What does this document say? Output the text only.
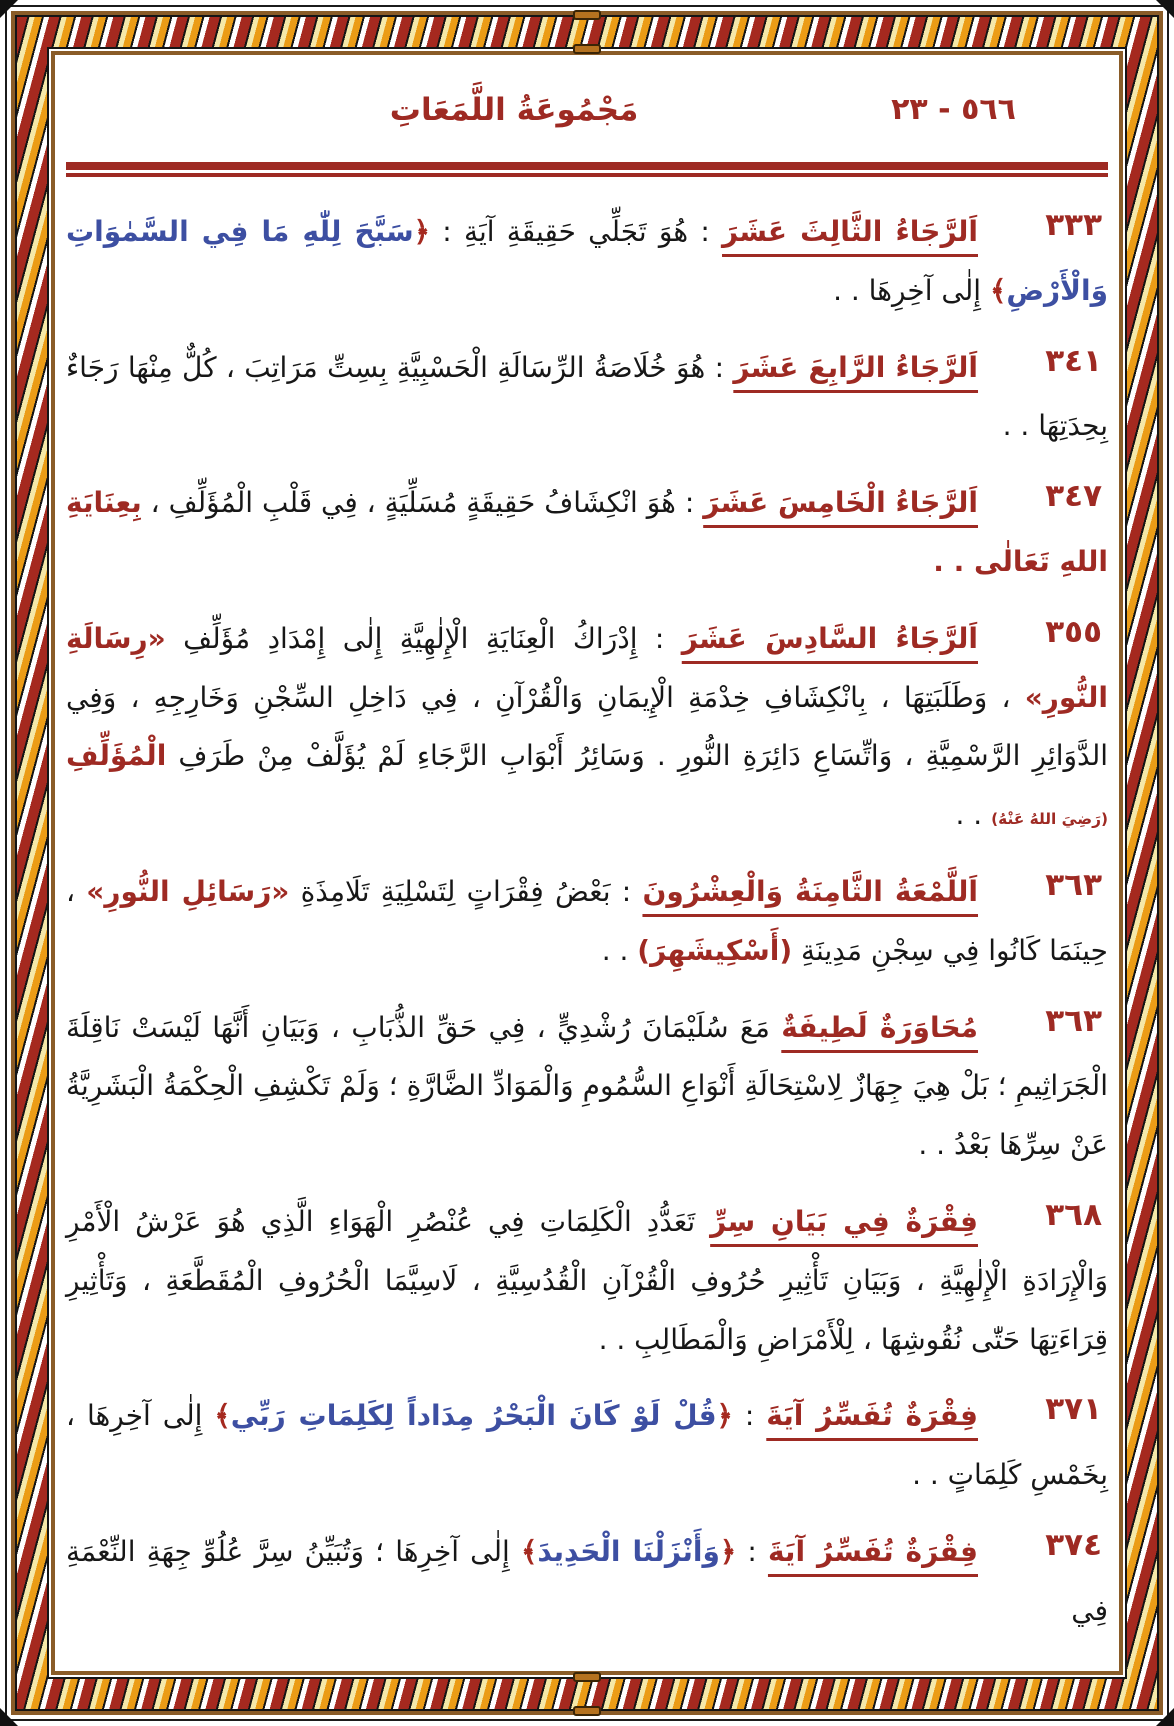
٥٦٦ - ٢٣
مَجْمُوعَةُ اللَّمَعَاتِ
٣٣٣

اَلرَّجَاءُ الثَّالِثَ عَشَرَ : هُوَ تَجَلِّي حَقِيقَةِ آيَةِ : ﴿سَبَّحَ لِلّٰهِ مَا فِي السَّمٰوَاتِ وَالْأَرْضِ﴾ إِلٰى آخِرِهَا . .

٣٤١

اَلرَّجَاءُ الرَّابِعَ عَشَرَ : هُوَ خُلَاصَةُ الرِّسَالَةِ الْحَسْبِيَّةِ بِسِتِّ مَرَاتِبَ ، كُلٌّ مِنْهَا رَجَاءٌ بِحِدَتِهَا . .

٣٤٧

اَلرَّجَاءُ الْخَامِسَ عَشَرَ : هُوَ انْكِشَافُ حَقِيقَةٍ مُسَلِّيَةٍ ، فِي قَلْبِ الْمُؤَلِّفِ ، بِعِنَايَةِ اللهِ تَعَالٰى . .

٣٥٥

اَلرَّجَاءُ السَّادِسَ عَشَرَ : إِدْرَاكُ الْعِنَايَةِ الْإِلٰهِيَّةِ إِلٰى إِمْدَادِ مُؤَلِّفِ «رِسَالَةِ النُّورِ» ، وَطَلَبَتِهَا ، بِانْكِشَافِ خِدْمَةِ الْإِيمَانِ وَالْقُرْآنِ ، فِي دَاخِلِ السِّجْنِ وَخَارِجِهِ ، وَفِي الدَّوَائِرِ الرَّسْمِيَّةِ ، وَاتِّسَاعِ دَائِرَةِ النُّورِ . وَسَائِرُ أَبْوَابِ الرَّجَاءِ لَمْ يُؤَلَّفْ مِنْ طَرَفِ الْمُؤَلِّفِ (رَضِيَ اللهُ عَنْهُ) . .

٣٦٣

اَللَّمْعَةُ الثَّامِنَةُ وَالْعِشْرُونَ : بَعْضُ فِقْرَاتٍ لِتَسْلِيَةِ تَلَامِذَةِ «رَسَائِلِ النُّورِ» ، حِينَمَا كَانُوا فِي سِجْنِ مَدِينَةِ (أَسْكِيشَهِرَ) . .

٣٦٣

مُحَاوَرَةٌ لَطِيفَةٌ مَعَ سُلَيْمَانَ رُشْدِيٍّ ، فِي حَقِّ الذُّبَابِ ، وَبَيَانِ أَنَّهَا لَيْسَتْ نَاقِلَةَ الْجَرَاثِيمِ ؛ بَلْ هِيَ جِهَازٌ لِاسْتِحَالَةِ أَنْوَاعِ السُّمُومِ وَالْمَوَادِّ الضَّارَّةِ ؛ وَلَمْ تَكْشِفِ الْحِكْمَةُ الْبَشَرِيَّةُ عَنْ سِرِّهَا بَعْدُ . .

٣٦٨

فِقْرَةٌ فِي بَيَانِ سِرِّ تَعَدُّدِ الْكَلِمَاتِ فِي عُنْصُرِ الْهَوَاءِ الَّذِي هُوَ عَرْشُ الْأَمْرِ وَالْإِرَادَةِ الْإِلٰهِيَّةِ ، وَبَيَانِ تَأْثِيرِ حُرُوفِ الْقُرْآنِ الْقُدُسِيَّةِ ، لَاسِيَّمَا الْحُرُوفِ الْمُقَطَّعَةِ ، وَتَأْثِيرِ قِرَاءَتِهَا حَتّٰى نُقُوشِهَا ، لِلْأَمْرَاضِ وَالْمَطَالِبِ . .

٣٧١

فِقْرَةٌ تُفَسِّرُ آيَةَ : ﴿قُلْ لَوْ كَانَ الْبَحْرُ مِدَاداً لِكَلِمَاتِ رَبِّي﴾ إِلٰى آخِرِهَا ، بِخَمْسِ كَلِمَاتٍ . .

٣٧٤

فِقْرَةٌ تُفَسِّرُ آيَةَ : ﴿وَأَنْزَلْنَا الْحَدِيدَ﴾ إِلٰى آخِرِهَا ؛ وَتُبَيِّنُ سِرَّ عُلُوِّ جِهَةِ النِّعْمَةِ فِي
